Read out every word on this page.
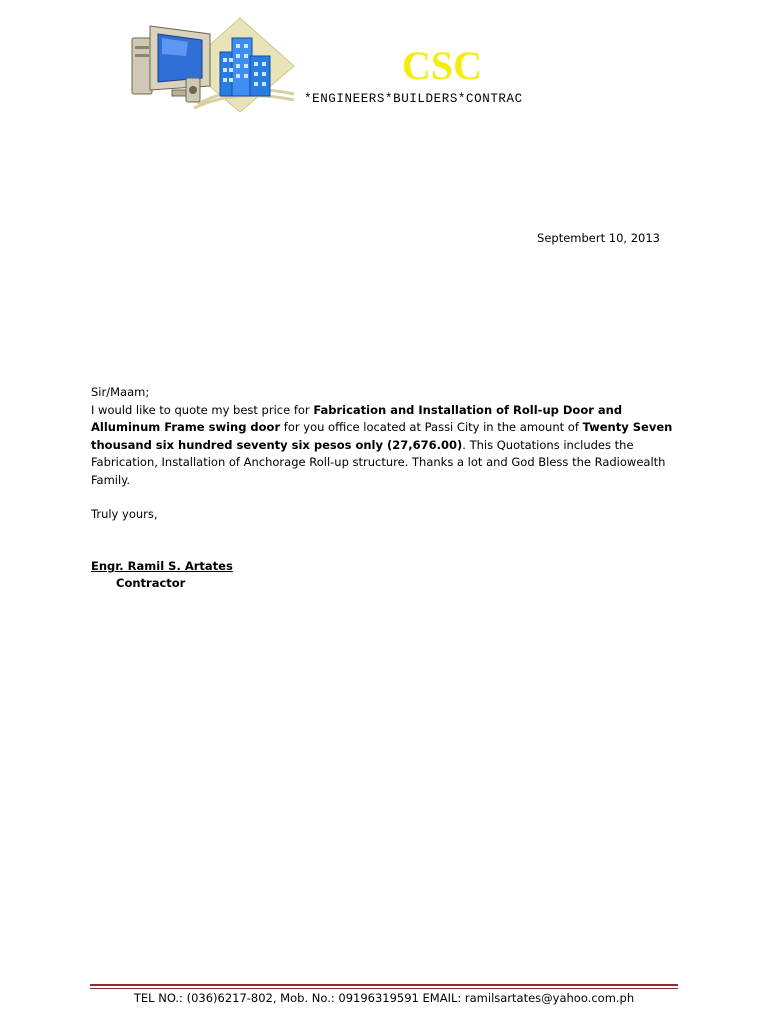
CSC
*ENGINEERS*BUILDERS*CONTRAC
Septembert 10, 2013

Sir/Maam;

I would like to quote my best price for Fabrication and Installation of Roll-up Door and Alluminum Frame swing door for you office located at Passi City in the amount of Twenty Seven thousand six hundred seventy six pesos only (27,676.00). This Quotations includes the Fabrication, Installation of Anchorage Roll-up structure. Thanks a lot and God Bless the Radiowealth Family.

Truly yours,

Engr. Ramil S. Artates
Contractor
TEL NO.: (036)6217-802, Mob. No.: 09196319591 EMAIL: ramilsartates@yahoo.com.ph
